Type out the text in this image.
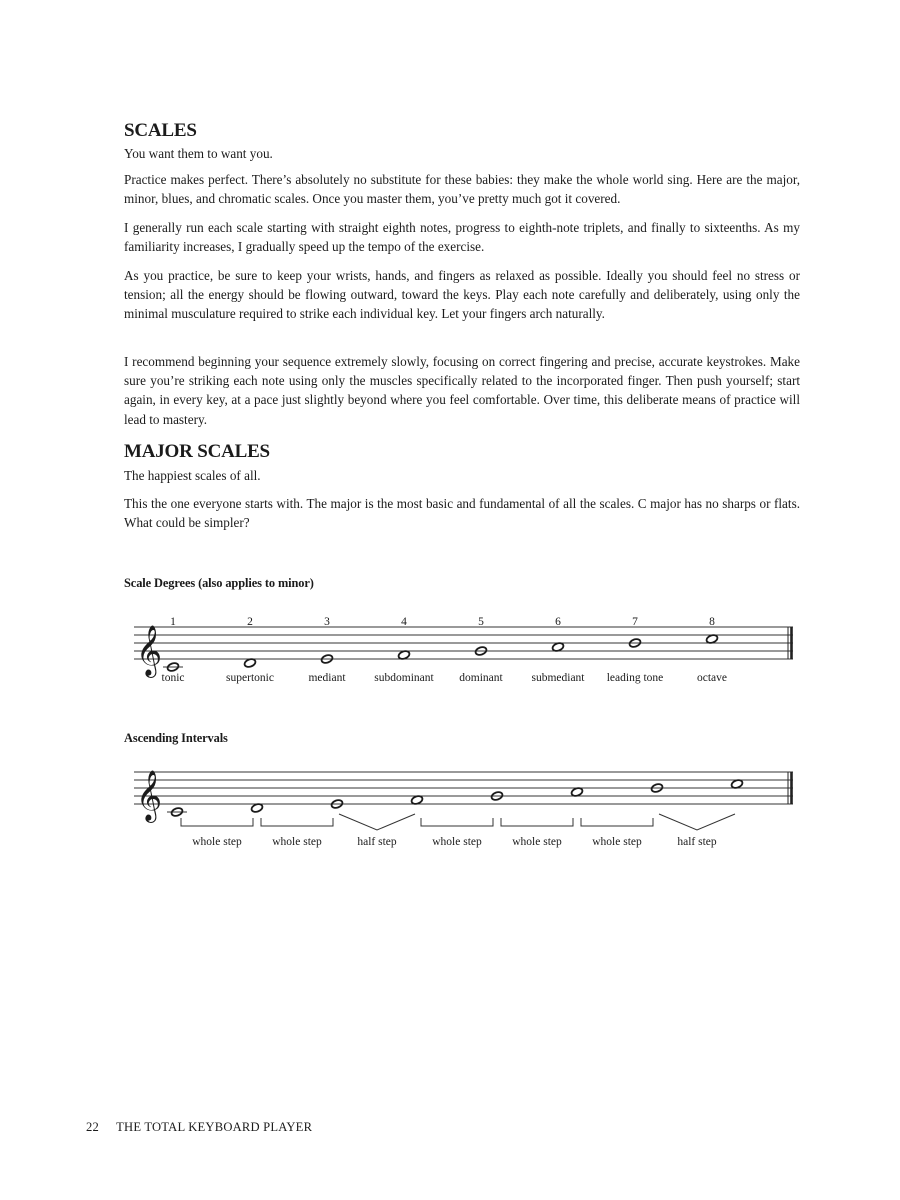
SCALES
You want them to want you.

Practice makes perfect. There’s absolutely no substitute for these babies: they make the whole world sing. Here are the major, minor, blues, and chromatic scales. Once you master them, you’ve pretty much got it covered.

I generally run each scale starting with straight eighth notes, progress to eighth-note triplets, and finally to sixteenths. As my familiarity increases, I gradually speed up the tempo of the exercise.

As you practice, be sure to keep your wrists, hands, and fingers as relaxed as possible. Ideally you should feel no stress or tension; all the energy should be flowing outward, toward the keys. Play each note carefully and deliberately, using only the minimal musculature required to strike each individual key. Let your fingers arch naturally.

I recommend beginning your sequence extremely slowly, focusing on correct fingering and precise, accurate keystrokes. Make sure you’re striking each note using only the muscles specifically related to the incorporated finger. Then push yourself; start again, in every key, at a pace just slightly beyond where you feel comfortable. Over time, this deliberate means of practice will lead to mastery.

MAJOR SCALES
The happiest scales of all.

This the one everyone starts with. The major is the most basic and fundamental of all the scales. C major has no sharps or flats. What could be simpler?

Scale Degrees (also applies to minor)
Ascending Intervals
𝄞
1
tonic
2
supertonic
3
mediant
4
subdominant
5
dominant
6
submediant
7
leading tone
8
octave
𝄞
whole step	whole step	half step	whole step	whole step	whole step	half step
22 THE TOTAL KEYBOARD PLAYER
